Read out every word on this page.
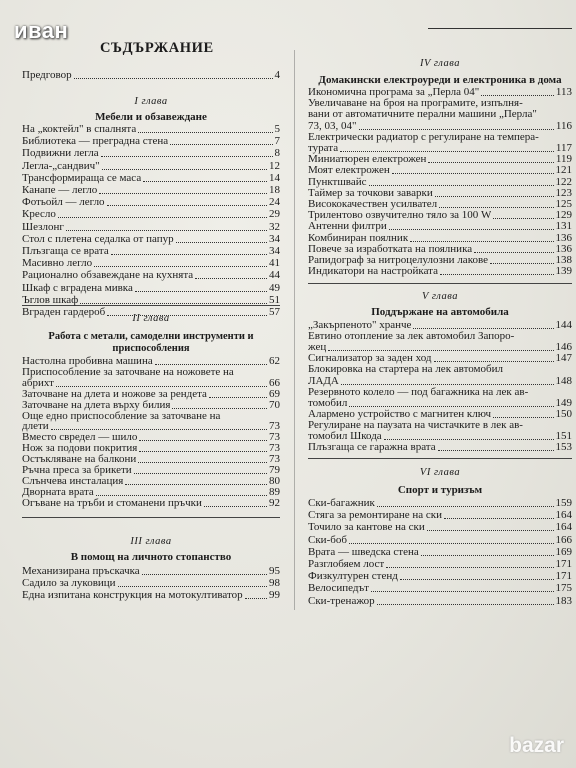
иван
СЪДЪРЖАНИЕ
Предговор	4
I глава
Мебели и обзавеждане
II глава
Работа с метали, самоделни инструменти и приспособления
III глава
В помощ на личното стопанство
На „коктейл" в спалнята	5
Библиотека — преградна стена	7
Подвижни легла	8
Легла-„сандвич"	12
Трансформираща се маса	14
Канапе — легло	18
Фотьойл — легло	24
Кресло	29
Шезлонг	32
Стол с плетена седалка от папур	34
Плъзгаща се врата	34
Масивно легло	41
Рационално обзавеждане на кухнята	44
Шкаф с вградена мивка	49
Ъглов шкаф	51
Вграден гардероб	57
Настолна пробивна машина	62
Приспособление за заточване на ножовете на
абрихт	66
Заточване на длета и ножове за рендета	69
Заточване на длета върху билия	70
Още едно приспособление за заточване на
длети	73
Вместо свредел — шило	73
Нож за подови покрития	73
Остъкляване на балкони	73
Ръчна преса за брикети	79
Слънчева инсталация	80
Дворната врата	89
Огъване на тръби и стоманени пръчки	92
Механизирана пръскачка	95
Садило за луковици	98
Една изпитана конструкция на мотокултиватор 99
IV глава
Домакински електроуреди и електроника в дома
V глава
Поддържане на автомобила
VI глава
Спорт и туризъм
Икономична програма за „Перла 04"	113
Увеличаване на броя на програмите, изпълня-
вани от автоматичните перални машини „Перла"
73, 03, 04"	116
Електрически радиатор с регулиране на темпера-
турата	117
Миниатюрен електрожен	119
Моят електрожен	121
Пунктшвайс	122
Таймер за точкови заварки	123
Висококачествен усилвател	125
Трилентово озвучително тяло за 100 W	129
Антенни филтри	131
Комбиниран поялник	136
Повече за изработката на поялника	136
Рапидограф за нитроцелулозни лакове	138
Индикатори на настройката	139
„Закърпеното" хранче	144
Евтино отопление за лек автомобил Запоро-
жец	146
Сигнализатор за заден ход	147
Блокировка на стартера на лек автомобил
ЛАДА	148
Резервното колело — под багажника на лек ав-
томобил	149
Алармено устройство с магнитен ключ	150
Регулиране на паузата на чистачките в лек ав-
томобил Шкода	151
Плъзгаща се гаражна врата	153
Ски-багажник	159
Стяга за ремонтиране на ски	164
Точило за кантове на ски	164
Ски-боб	166
Врата — шведска стена	169
Разглобяем лост	171
Физкултурен стенд	171
Велосипедът	175
Ски-тренажор	183
bazar
